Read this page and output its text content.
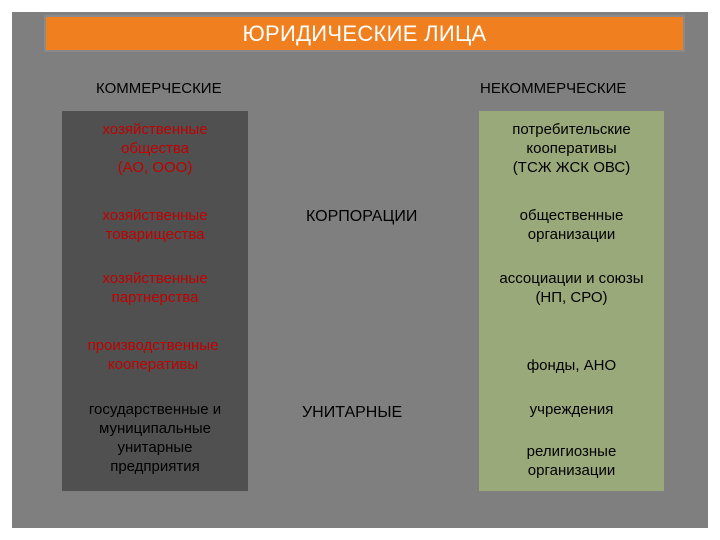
ЮРИДИЧЕСКИЕ ЛИЦА
КОММЕРЧЕСКИЕ	НЕКОММЕРЧЕСКИЕ
хозяйственные
общества
(АО, ООО)
хозяйственные
товарищества
хозяйственные
партнерства
производственные
кооперативы
государственные и
муниципальные
унитарные
предприятия
КОРПОРАЦИИ
УНИТАРНЫЕ
потребительские
кооперативы
(ТСЖ ЖСК ОВС)
общественные
организации
ассоциации и союзы
(НП, СРО)
фонды, АНО
учреждения
религиозные
организации
